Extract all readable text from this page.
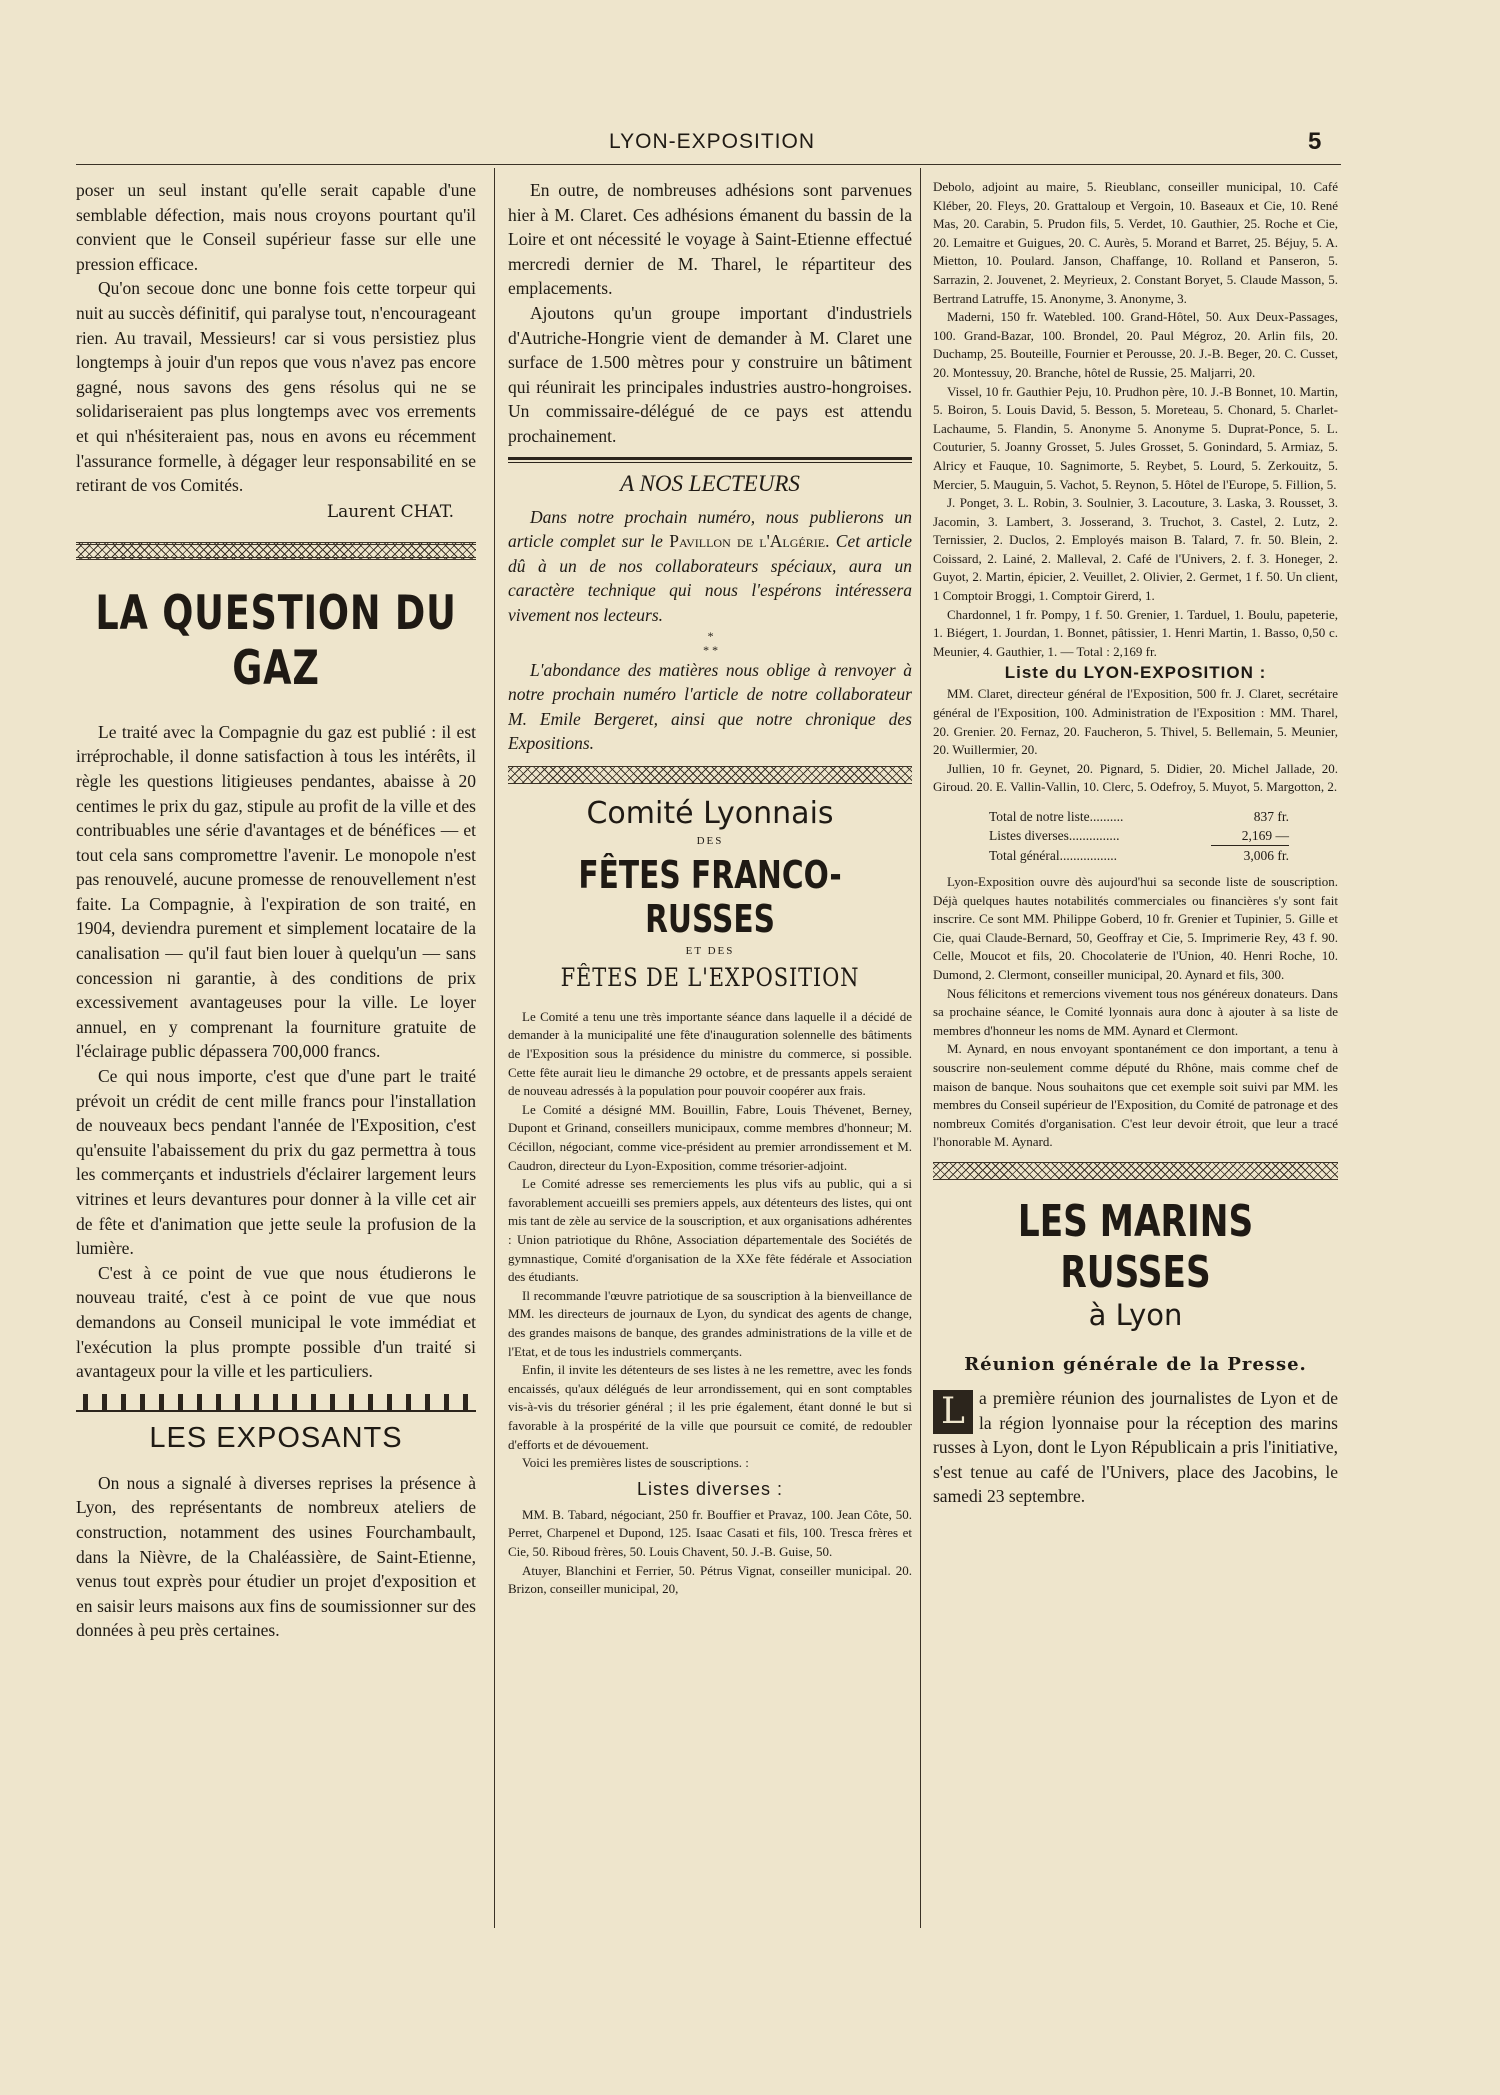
LYON-EXPOSITION	5

poser un seul instant qu'elle serait capable d'une semblable défection, mais nous croyons pourtant qu'il convient que le Conseil supérieur fasse sur elle une pression efficace.

Qu'on secoue donc une bonne fois cette torpeur qui nuit au succès définitif, qui paralyse tout, n'encourageant rien. Au travail, Messieurs! car si vous persistiez plus longtemps à jouir d'un repos que vous n'avez pas encore gagné, nous savons des gens résolus qui ne se solidariseraient pas plus longtemps avec vos errements et qui n'hésiteraient pas, nous en avons eu récemment l'assurance formelle, à dégager leur responsabilité en se retirant de vos Comités.

Laurent CHAT.
LA QUESTION DU GAZ

Le traité avec la Compagnie du gaz est publié : il est irréprochable, il donne satisfaction à tous les intérêts, il règle les questions litigieuses pendantes, abaisse à 20 centimes le prix du gaz, stipule au profit de la ville et des contribuables une série d'avantages et de bénéfices — et tout cela sans compromettre l'avenir. Le monopole n'est pas renouvelé, aucune promesse de renouvellement n'est faite. La Compagnie, à l'expiration de son traité, en 1904, deviendra purement et simplement locataire de la canalisation — qu'il faut bien louer à quelqu'un — sans concession ni garantie, à des conditions de prix excessivement avantageuses pour la ville. Le loyer annuel, en y comprenant la fourniture gratuite de l'éclairage public dépassera 700,000 francs.

Ce qui nous importe, c'est que d'une part le traité prévoit un crédit de cent mille francs pour l'installation de nouveaux becs pendant l'année de l'Exposition, c'est qu'ensuite l'abaissement du prix du gaz permettra à tous les commerçants et industriels d'éclairer largement leurs vitrines et leurs devantures pour donner à la ville cet air de fête et d'animation que jette seule la profusion de la lumière.

C'est à ce point de vue que nous étudierons le nouveau traité, c'est à ce point de vue que nous demandons au Conseil municipal le vote immédiat et l'exécution la plus prompte possible d'un traité si avantageux pour la ville et les particuliers.

LES EXPOSANTS

On nous a signalé à diverses reprises la présence à Lyon, des représentants de nombreux ateliers de construction, notamment des usines Fourchambault, dans la Nièvre, de la Chaléassière, de Saint-Etienne, venus tout exprès pour étudier un projet d'exposition et en saisir leurs maisons aux fins de soumissionner sur des données à peu près certaines.

En outre, de nombreuses adhésions sont parvenues hier à M. Claret. Ces adhésions émanent du bassin de la Loire et ont nécessité le voyage à Saint-Etienne effectué mercredi dernier de M. Tharel, le répartiteur des emplacements.

Ajoutons qu'un groupe important d'industriels d'Autriche-Hongrie vient de demander à M. Claret une surface de 1.500 mètres pour y construire un bâtiment qui réunirait les principales industries austro-hongroises. Un commissaire-délégué de ce pays est attendu prochainement.

A NOS LECTEURS

Dans notre prochain numéro, nous publierons un article complet sur le Pavillon de l'Algérie. Cet article dû à un de nos collaborateurs spéciaux, aura un caractère technique qui nous l'espérons intéressera vivement nos lecteurs.

*
* *

L'abondance des matières nous oblige à renvoyer à notre prochain numéro l'article de notre collaborateur M. Emile Bergeret, ainsi que notre chronique des Expositions.

Comité Lyonnais
DES
FÊTES FRANCO-RUSSES
ET DES
FÊTES DE L'EXPOSITION

Le Comité a tenu une très importante séance dans laquelle il a décidé de demander à la municipalité une fête d'inauguration solennelle des bâtiments de l'Exposition sous la présidence du ministre du commerce, si possible. Cette fête aurait lieu le dimanche 29 octobre, et de pressants appels seraient de nouveau adressés à la population pour pouvoir coopérer aux frais.

Le Comité a désigné MM. Bouillin, Fabre, Louis Thévenet, Berney, Dupont et Grinand, conseillers municipaux, comme membres d'honneur; M. Cécillon, négociant, comme vice-président au premier arrondissement et M. Caudron, directeur du Lyon-Exposition, comme trésorier-adjoint.

Le Comité adresse ses remerciements les plus vifs au public, qui a si favorablement accueilli ses premiers appels, aux détenteurs des listes, qui ont mis tant de zèle au service de la souscription, et aux organisations adhérentes : Union patriotique du Rhône, Association départementale des Sociétés de gymnastique, Comité d'organisation de la XXe fête fédérale et Association des étudiants.

Il recommande l'œuvre patriotique de sa souscription à la bienveillance de MM. les directeurs de journaux de Lyon, du syndicat des agents de change, des grandes maisons de banque, des grandes administrations de la ville et de l'Etat, et de tous les industriels commerçants.

Enfin, il invite les détenteurs de ses listes à ne les remettre, avec les fonds encaissés, qu'aux délégués de leur arrondissement, qui en sont comptables vis-à-vis du trésorier général ; il les prie également, étant donné le but si favorable à la prospérité de la ville que poursuit ce comité, de redoubler d'efforts et de dévouement.

Voici les premières listes de souscriptions. :

Listes diverses :

MM. B. Tabard, négociant, 250 fr. Bouffier et Pravaz, 100. Jean Côte, 50. Perret, Charpenel et Dupond, 125. Isaac Casati et fils, 100. Tresca frères et Cie, 50. Riboud frères, 50. Louis Chavent, 50. J.-B. Guise, 50.

Atuyer, Blanchini et Ferrier, 50. Pétrus Vignat, conseiller municipal. 20. Brizon, conseiller municipal, 20,

Debolo, adjoint au maire, 5. Rieublanc, conseiller municipal, 10. Café Kléber, 20. Fleys, 20. Grattaloup et Vergoin, 10. Baseaux et Cie, 10. René Mas, 20. Carabin, 5. Prudon fils, 5. Verdet, 10. Gauthier, 25. Roche et Cie, 20. Lemaitre et Guigues, 20. C. Aurès, 5. Morand et Barret, 25. Béjuy, 5. A. Mietton, 10. Poulard. Janson, Chaffange, 10. Rolland et Panseron, 5. Sarrazin, 2. Jouvenet, 2. Meyrieux, 2. Constant Boryet, 5. Claude Masson, 5. Bertrand Latruffe, 15. Anonyme, 3. Anonyme, 3.

Maderni, 150 fr. Watebled. 100. Grand-Hôtel, 50. Aux Deux-Passages, 100. Grand-Bazar, 100. Brondel, 20. Paul Mégroz, 20. Arlin fils, 20. Duchamp, 25. Bouteille, Fournier et Perousse, 20. J.-B. Beger, 20. C. Cusset, 20. Montessuy, 20. Branche, hôtel de Russie, 25. Maljarri, 20.

Vissel, 10 fr. Gauthier Peju, 10. Prudhon père, 10. J.-B Bonnet, 10. Martin, 5. Boiron, 5. Louis David, 5. Besson, 5. Moreteau, 5. Chonard, 5. Charlet-Lachaume, 5. Flandin, 5. Anonyme 5. Anonyme 5. Duprat-Ponce, 5. L. Couturier, 5. Joanny Grosset, 5. Jules Grosset, 5. Gonindard, 5. Armiaz, 5. Alricy et Fauque, 10. Sagnimorte, 5. Reybet, 5. Lourd, 5. Zerkouitz, 5. Mercier, 5. Mauguin, 5. Vachot, 5. Reynon, 5. Hôtel de l'Europe, 5. Fillion, 5.

J. Ponget, 3. L. Robin, 3. Soulnier, 3. Lacouture, 3. Laska, 3. Rousset, 3. Jacomin, 3. Lambert, 3. Josserand, 3. Truchot, 3. Castel, 2. Lutz, 2. Ternissier, 2. Duclos, 2. Employés maison B. Talard, 7. fr. 50. Blein, 2. Coissard, 2. Lainé, 2. Malleval, 2. Café de l'Univers, 2. f. 3. Honeger, 2. Guyot, 2. Martin, épicier, 2. Veuillet, 2. Olivier, 2. Germet, 1 f. 50. Un client, 1 Comptoir Broggi, 1. Comptoir Girerd, 1.

Chardonnel, 1 fr. Pompy, 1 f. 50. Grenier, 1. Tarduel, 1. Boulu, papeterie, 1. Biégert, 1. Jourdan, 1. Bonnet, pâtissier, 1. Henri Martin, 1. Basso, 0,50 c. Meunier, 4. Gauthier, 1. — Total : 2,169 fr.

Liste du LYON-EXPOSITION :

MM. Claret, directeur général de l'Exposition, 500 fr. J. Claret, secrétaire général de l'Exposition, 100. Administration de l'Exposition : MM. Tharel, 20. Grenier. 20. Fernaz, 20. Faucheron, 5. Thivel, 5. Bellemain, 5. Meunier, 20. Wuillermier, 20.

Jullien, 10 fr. Geynet, 20. Pignard, 5. Didier, 20. Michel Jallade, 20. Giroud. 20. E. Vallin-Vallin, 10. Clerc, 5. Odefroy, 5. Muyot, 5. Margotton, 2.

Total de notre liste..........	837 fr.
Listes diverses...............	2,169 —
Total général.................	3,006 fr.

Lyon-Exposition ouvre dès aujourd'hui sa seconde liste de souscription. Déjà quelques hautes notabilités commerciales ou financières s'y sont fait inscrire. Ce sont MM. Philippe Goberd, 10 fr. Grenier et Tupinier, 5. Gille et Cie, quai Claude-Bernard, 50, Geoffray et Cie, 5. Imprimerie Rey, 43 f. 90. Celle, Moucot et fils, 20. Chocolaterie de l'Union, 40. Henri Roche, 10. Dumond, 2. Clermont, conseiller municipal, 20. Aynard et fils, 300.

Nous félicitons et remercions vivement tous nos généreux donateurs. Dans sa prochaine séance, le Comité lyonnais aura donc à ajouter à sa liste de membres d'honneur les noms de MM. Aynard et Clermont.

M. Aynard, en nous envoyant spontanément ce don important, a tenu à souscrire non-seulement comme député du Rhône, mais comme chef de maison de banque. Nous souhaitons que cet exemple soit suivi par MM. les membres du Conseil supérieur de l'Exposition, du Comité de patronage et des nombreux Comités d'organisation. C'est leur devoir étroit, que leur a tracé l'honorable M. Aynard.

LES MARINS RUSSES
à Lyon
Réunion générale de la Presse.

L a première réunion des journalistes de Lyon et de la région lyonnaise pour la réception des marins russes à Lyon, dont le Lyon Républicain a pris l'initiative, s'est tenue au café de l'Univers, place des Jacobins, le samedi 23 septembre.
